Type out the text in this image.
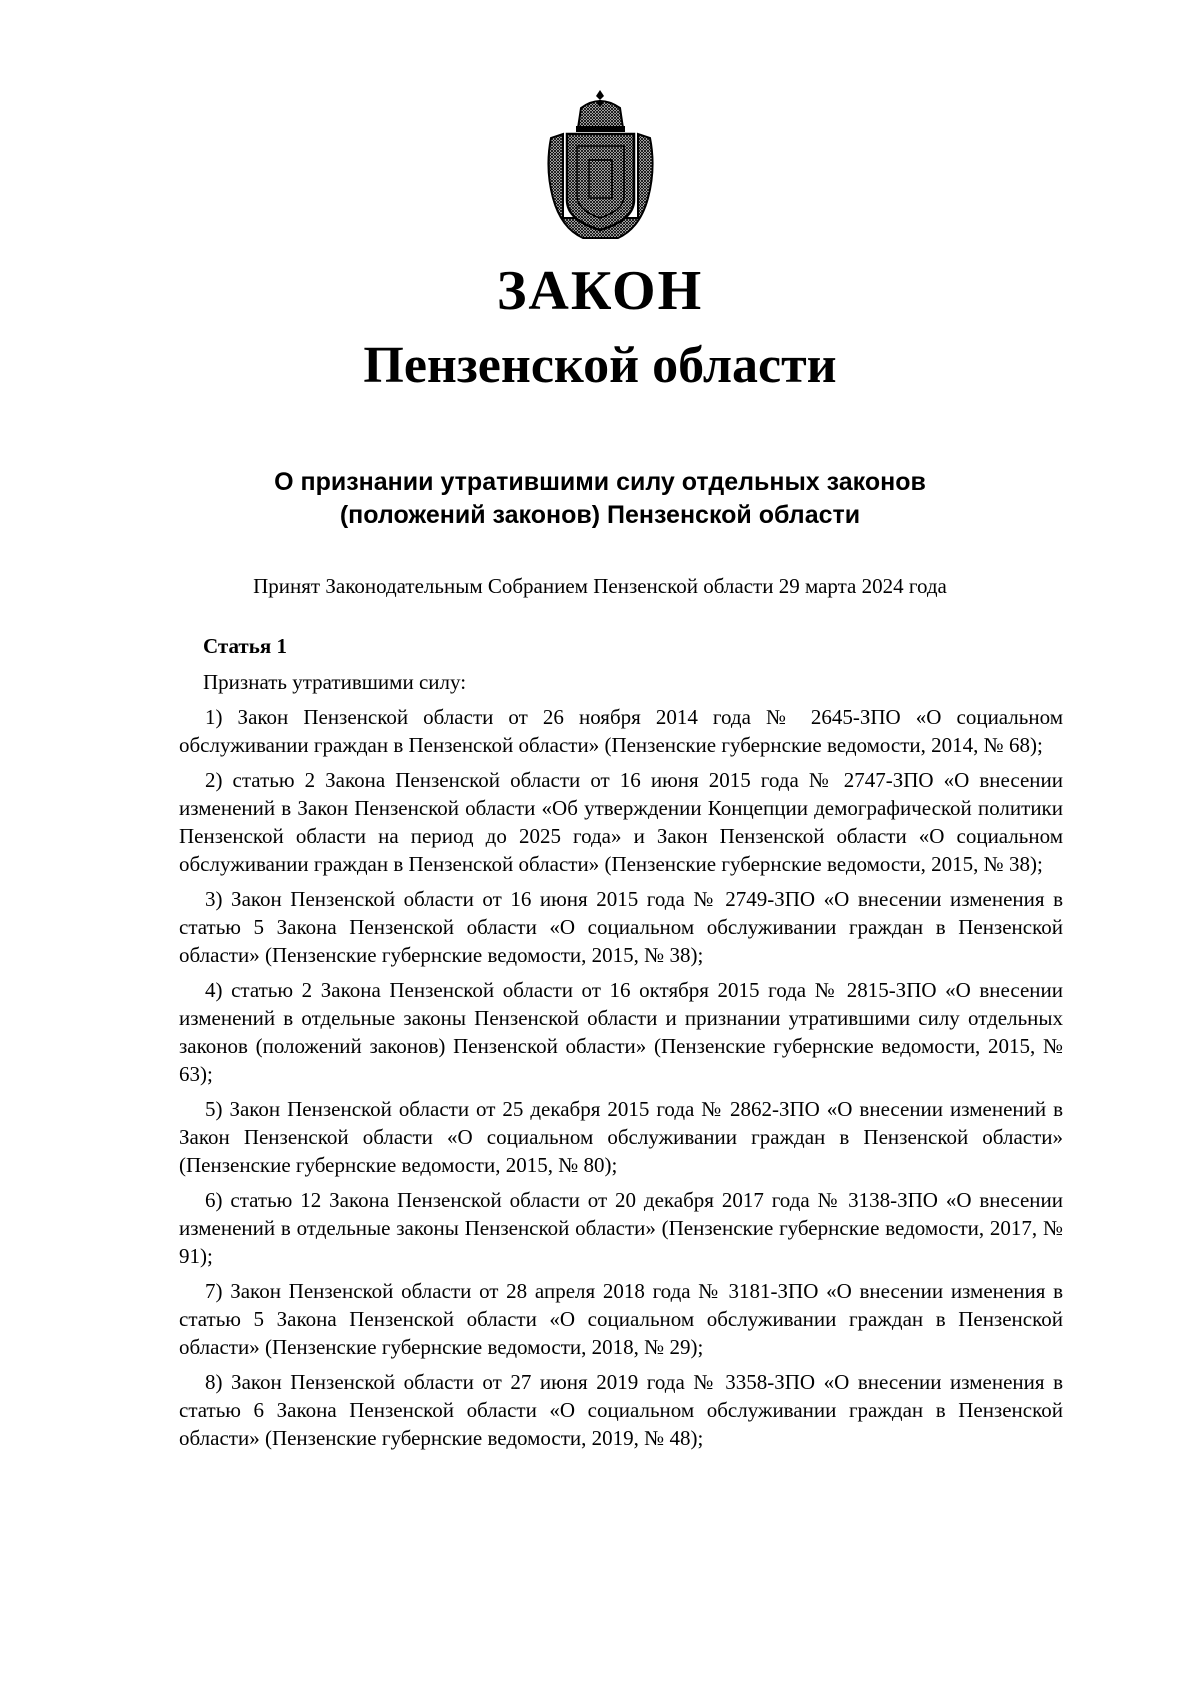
ЗАКОН
Пензенской области
О признании утратившими силу отдельных законов
(положений законов) Пензенской области
Принят Законодательным Собранием Пензенской области 29 марта 2024 года
Статья 1
Признать утратившими силу:
1) Закон Пензенской области от 26 ноября 2014 года № 2645-ЗПО «О социальном обслуживании граждан в Пензенской области» (Пензенские губернские ведомости, 2014, № 68);
2) статью 2 Закона Пензенской области от 16 июня 2015 года № 2747-ЗПО «О внесении изменений в Закон Пензенской области «Об утверждении Концепции демографической политики Пензенской области на период до 2025 года» и Закон Пензенской области «О социальном обслуживании граждан в Пензенской области» (Пензенские губернские ведомости, 2015, № 38);
3) Закон Пензенской области от 16 июня 2015 года № 2749-ЗПО «О внесении изменения в статью 5 Закона Пензенской области «О социальном обслуживании граждан в Пензенской области» (Пензенские губернские ведомости, 2015, № 38);
4) статью 2 Закона Пензенской области от 16 октября 2015 года № 2815-ЗПО «О внесении изменений в отдельные законы Пензенской области и признании утратившими силу отдельных законов (положений законов) Пензенской области» (Пензенские губернские ведомости, 2015, № 63);
5) Закон Пензенской области от 25 декабря 2015 года № 2862-ЗПО «О внесении изменений в Закон Пензенской области «О социальном обслуживании граждан в Пензенской области» (Пензенские губернские ведомости, 2015, № 80);
6) статью 12 Закона Пензенской области от 20 декабря 2017 года № 3138-ЗПО «О внесении изменений в отдельные законы Пензенской области» (Пензенские губернские ведомости, 2017, № 91);
7) Закон Пензенской области от 28 апреля 2018 года № 3181-ЗПО «О внесении изменения в статью 5 Закона Пензенской области «О социальном обслуживании граждан в Пензенской области» (Пензенские губернские ведомости, 2018, № 29);
8) Закон Пензенской области от 27 июня 2019 года № 3358-ЗПО «О внесении изменения в статью 6 Закона Пензенской области «О социальном обслуживании граждан в Пензенской области» (Пензенские губернские ведомости, 2019, № 48);
